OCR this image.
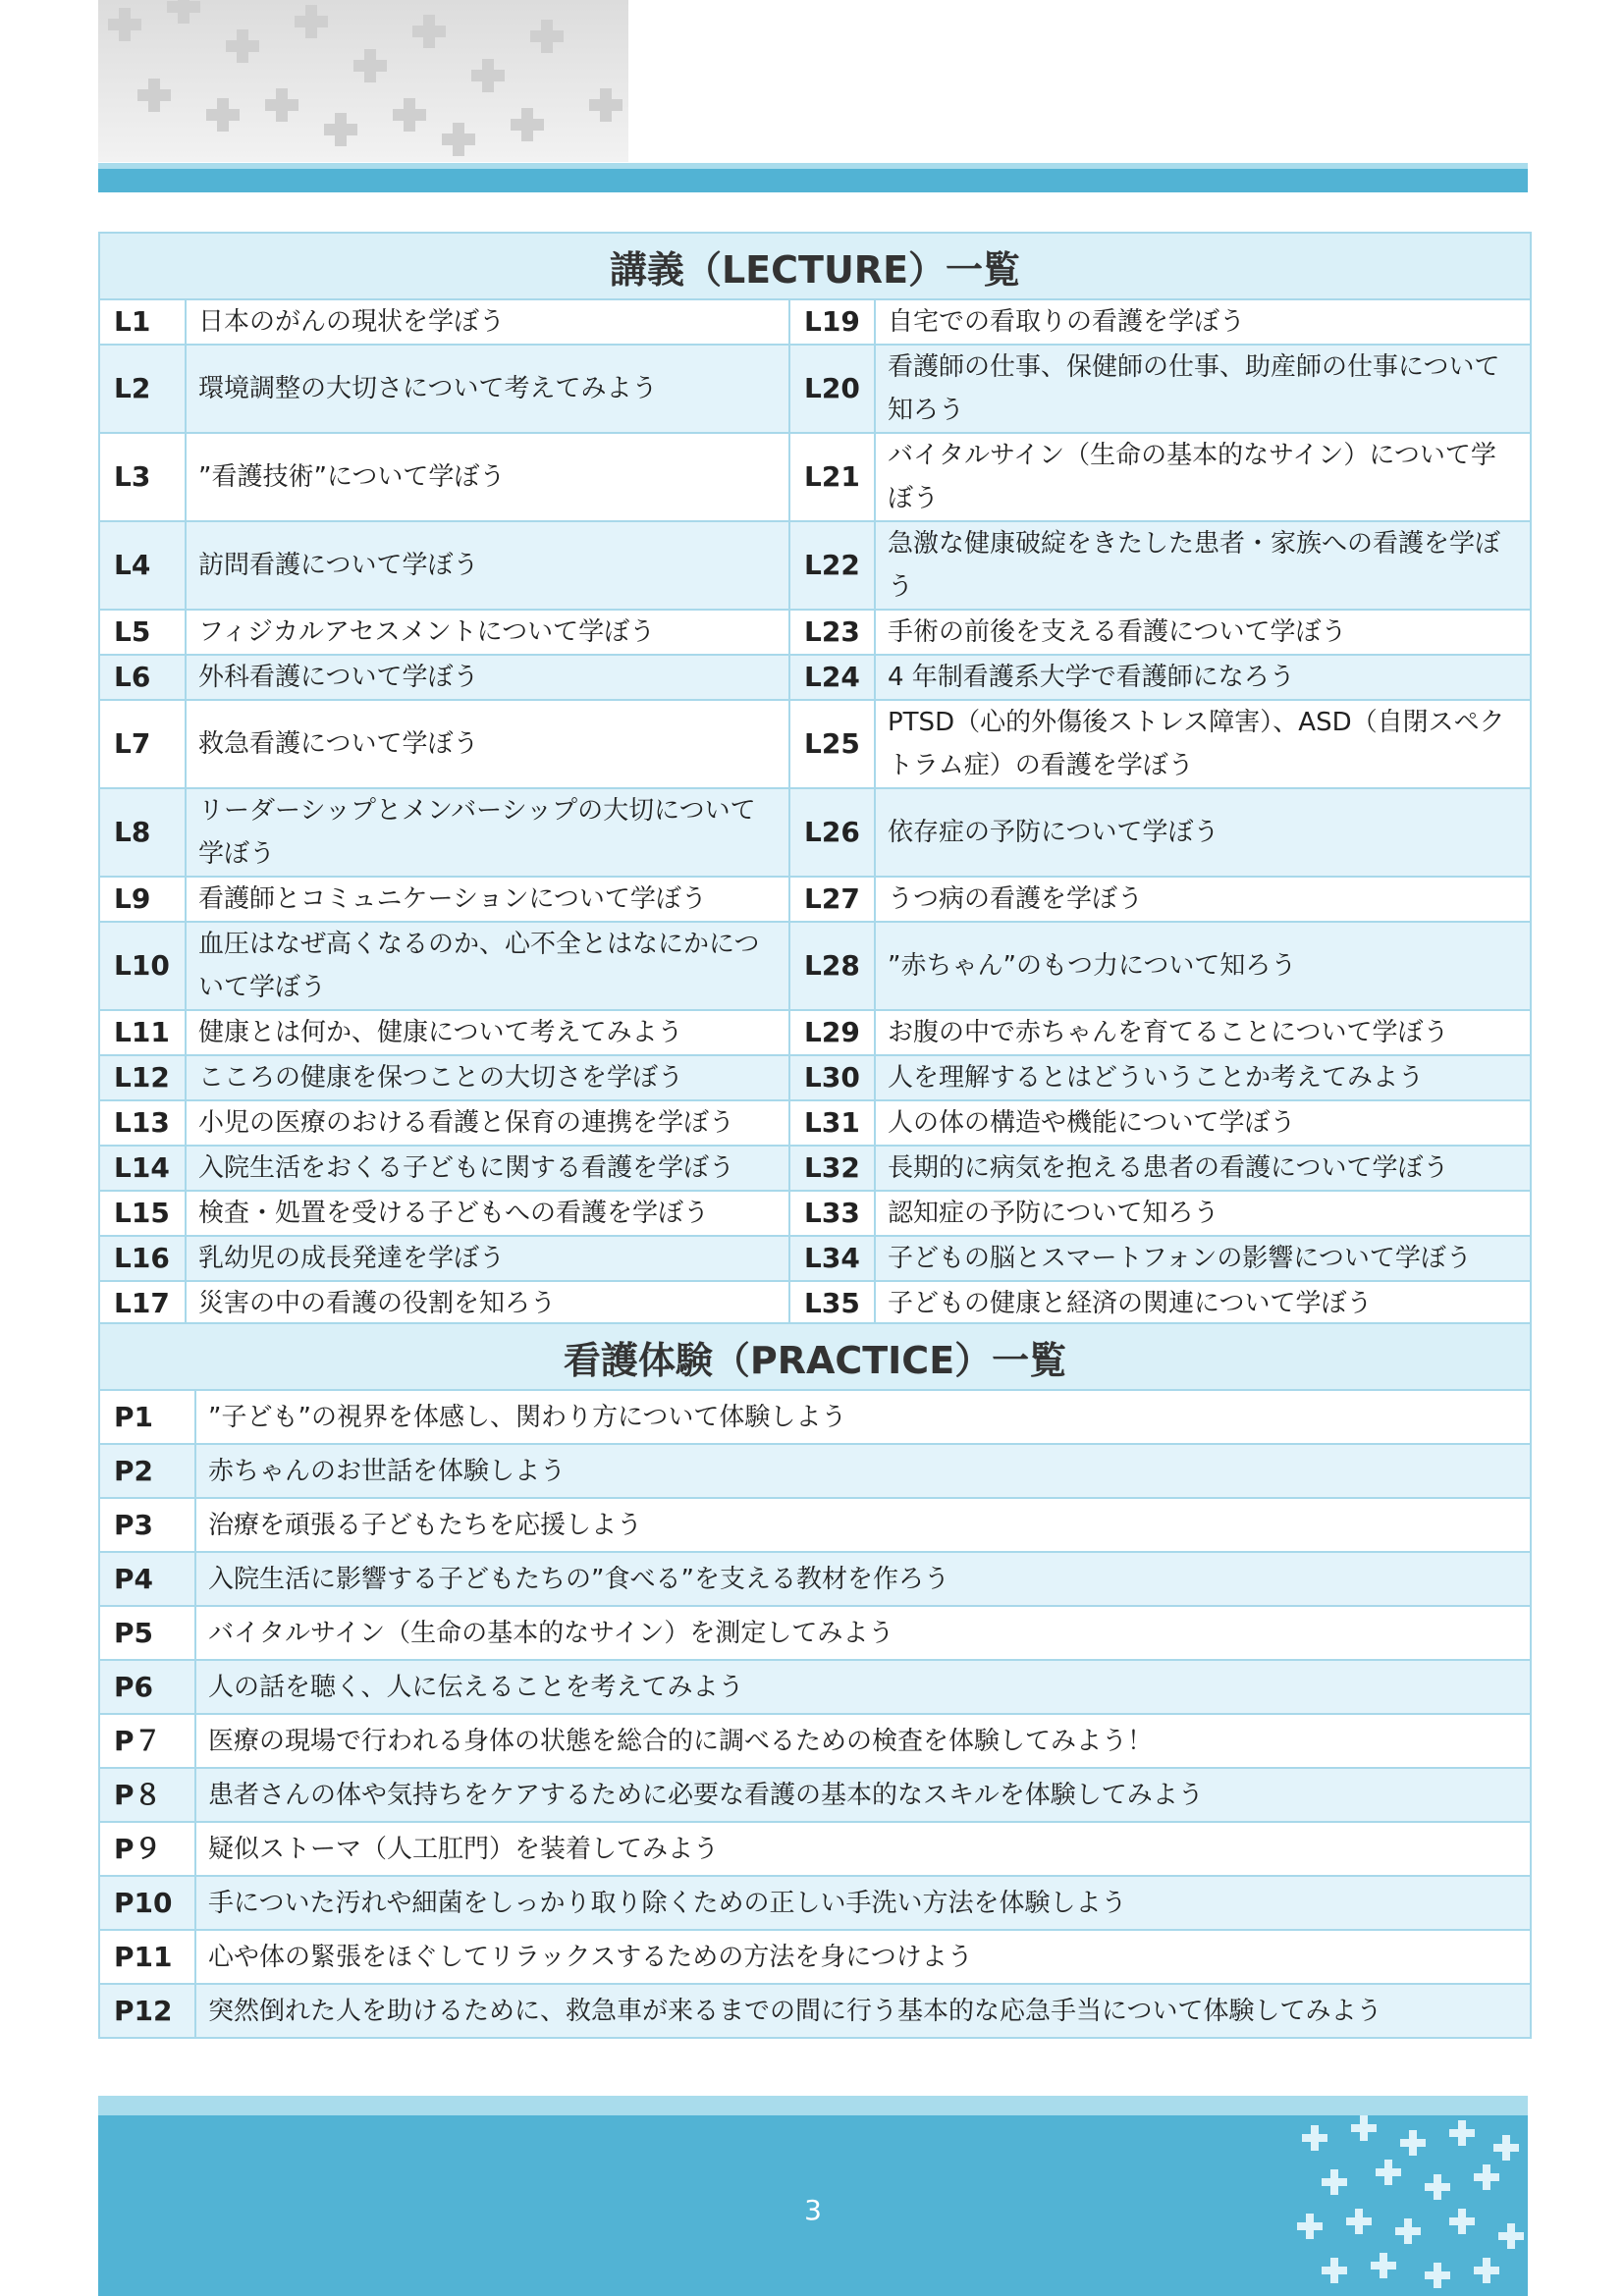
講義（LECTURE）一覧			
L1	日本のがんの現状を学ぼう	L19	自宅での看取りの看護を学ぼう
L2	環境調整の大切さについて考えてみよう	L20	看護師の仕事、保健師の仕事、助産師の仕事について知ろう
L3	”看護技術”について学ぼう	L21	バイタルサイン（生命の基本的なサイン）について学ぼう
L4	訪問看護について学ぼう	L22	急激な健康破綻をきたした患者・家族への看護を学ぼう
L5	フィジカルアセスメントについて学ぼう	L23	手術の前後を支える看護について学ぼう
L6	外科看護について学ぼう	L24	4 年制看護系大学で看護師になろう
L7	救急看護について学ぼう	L25	PTSD（心的外傷後ストレス障害）、ASD（自閉スペクトラム症）の看護を学ぼう
L8	リーダーシップとメンバーシップの大切について学ぼう	L26	依存症の予防について学ぼう
L9	看護師とコミュニケーションについて学ぼう	L27	うつ病の看護を学ぼう
L10	血圧はなぜ高くなるのか、心不全とはなにかについて学ぼう	L28	”赤ちゃん”のもつ力について知ろう
L11	健康とは何か、健康について考えてみよう	L29	お腹の中で赤ちゃんを育てることについて学ぼう
L12	こころの健康を保つことの大切さを学ぼう	L30	人を理解するとはどういうことか考えてみよう
L13	小児の医療のおける看護と保育の連携を学ぼう	L31	人の体の構造や機能について学ぼう
L14	入院生活をおくる子どもに関する看護を学ぼう	L32	長期的に病気を抱える患者の看護について学ぼう
L15	検査・処置を受ける子どもへの看護を学ぼう	L33	認知症の予防について知ろう
L16	乳幼児の成長発達を学ぼう	L34	子どもの脳とスマートフォンの影響について学ぼう
L17	災害の中の看護の役割を知ろう	L35	子どもの健康と経済の関連について学ぼう

看護体験（PRACTICE）一覧	
P1	”子ども”の視界を体感し、関わり方について体験しよう
P2	赤ちゃんのお世話を体験しよう
P3	治療を頑張る子どもたちを応援しよう
P4	入院生活に影響する子どもたちの”食べる”を支える教材を作ろう
P5	バイタルサイン（生命の基本的なサイン）を測定してみよう
P6	人の話を聴く、人に伝えることを考えてみよう
P７	医療の現場で行われる身体の状態を総合的に調べるための検査を体験してみよう！
P８	患者さんの体や気持ちをケアするために必要な看護の基本的なスキルを体験してみよう
P９	疑似ストーマ（人工肛門）を装着してみよう
P10	手についた汚れや細菌をしっかり取り除くための正しい手洗い方法を体験しよう
P11	心や体の緊張をほぐしてリラックスするための方法を身につけよう
P12	突然倒れた人を助けるために、救急車が来るまでの間に行う基本的な応急手当について体験してみよう
3
